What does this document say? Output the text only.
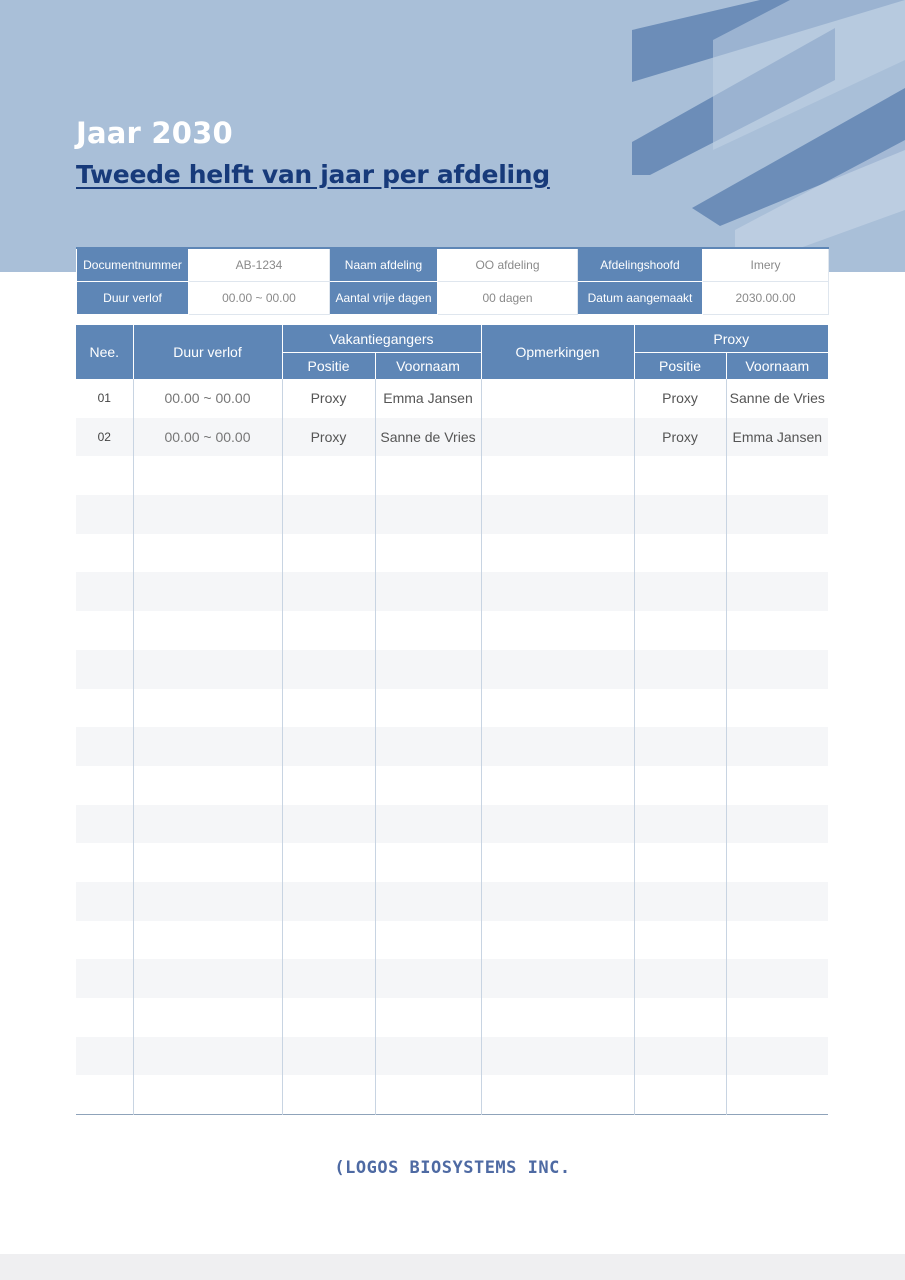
Jaar 2030
Tweede helft van jaar per afdeling
Documentnummer	AB-1234	Naam afdeling	OO afdeling	Afdelingshoofd	Imery
Duur verlof	00.00 ~ 00.00	Aantal vrije dagen	00 dagen	Datum aangemaakt	2030.00.00
Nee.	Duur verlof	Vakantiegangers		Opmerkingen	Proxy	
		Positie	Voornaam		Positie	Voornaam
01	00.00 ~ 00.00	Proxy	Emma Jansen		Proxy	Sanne de Vries
02	00.00 ~ 00.00	Proxy	Sanne de Vries		Proxy	Emma Jansen

(LOGOS BIOSYSTEMS INC.
